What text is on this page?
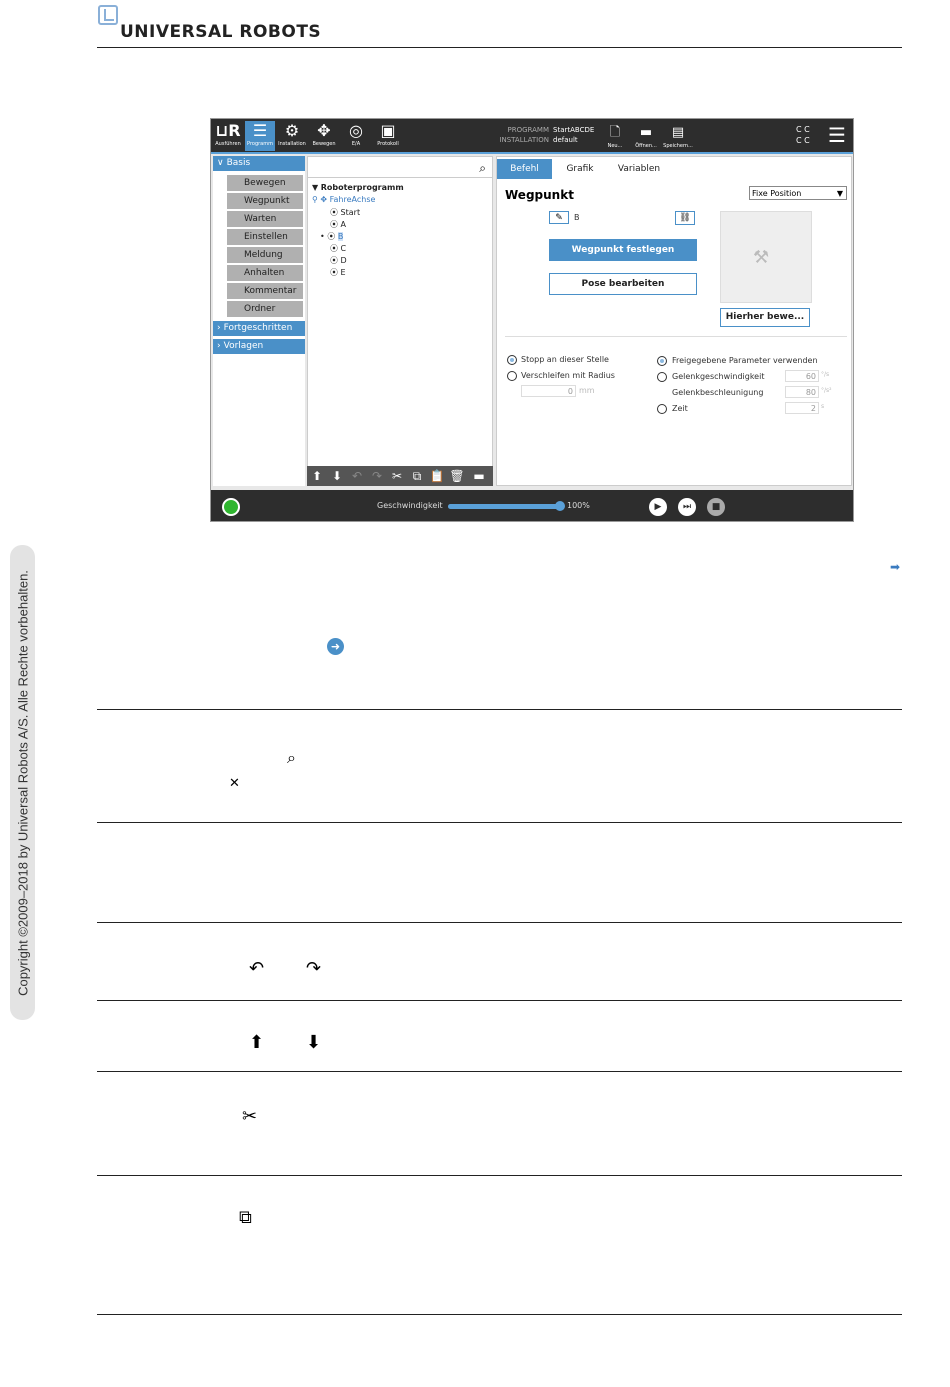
UNIVERSAL ROBOTS
Copyright ©2009–2018 by Universal Robots A/S. Alle Rechte vorbehalten.
⊔R
Ausführen
☰
Programm
⚙
Installation
✥
Bewegen
◎
E/A
▣
Protokoll
PROGRAMM StartABCDE
INSTALLATION default	🗋
Neu...
▬
Öffnen...
▤
Speichern...
C C
C C ☰
∨ Basis
Bewegen
Wegpunkt
Warten
Einstellen
Meldung
Anhalten
Kommentar
Ordner
› Fortgeschritten
› Vorlagen
⌕
▼ Roboterprogramm
⚲ ✥ FahreAchse
⦿ Start
⦿ A
• ⦿ B
⦿ C
⦿ D
⦿ E
⬆ ⬇ ↶ ↷ ✂ ⧉ 📋 🗑 ▬
Befehl	Grafik	Variablen
Wegpunkt	Fixe Position	▼
✎	B	⛓
Wegpunkt festlegen
Pose bearbeiten
⚒
Hierher bewe...
Stopp an dieser Stelle
Verschleifen mit Radius
0 mm
Freigegebene Parameter verwenden
Gelenkgeschwindigkeit	60 °/s
Gelenkbeschleunigung	80 °/s²
Zeit	2 s
Geschwindigkeit	100%	▶	⏭	■
➡
➜
⌕
✕
↶ ↷
⬆ ⬇
✂
⧉
